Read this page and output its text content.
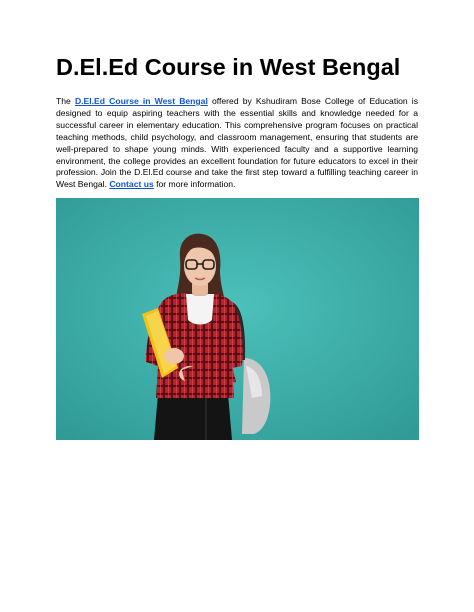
D.El.Ed Course in West Bengal

The D.El.Ed Course in West Bengal offered by Kshudiram Bose College of Education is designed to equip aspiring teachers with the essential skills and knowledge needed for a successful career in elementary education. This comprehensive program focuses on practical teaching methods, child psychology, and classroom management, ensuring that students are well-prepared to shape young minds. With experienced faculty and a supportive learning environment, the college provides an excellent foundation for future educators to excel in their profession. Join the D.El.Ed course and take the first step toward a fulfilling teaching career in West Bengal. Contact us for more information.
